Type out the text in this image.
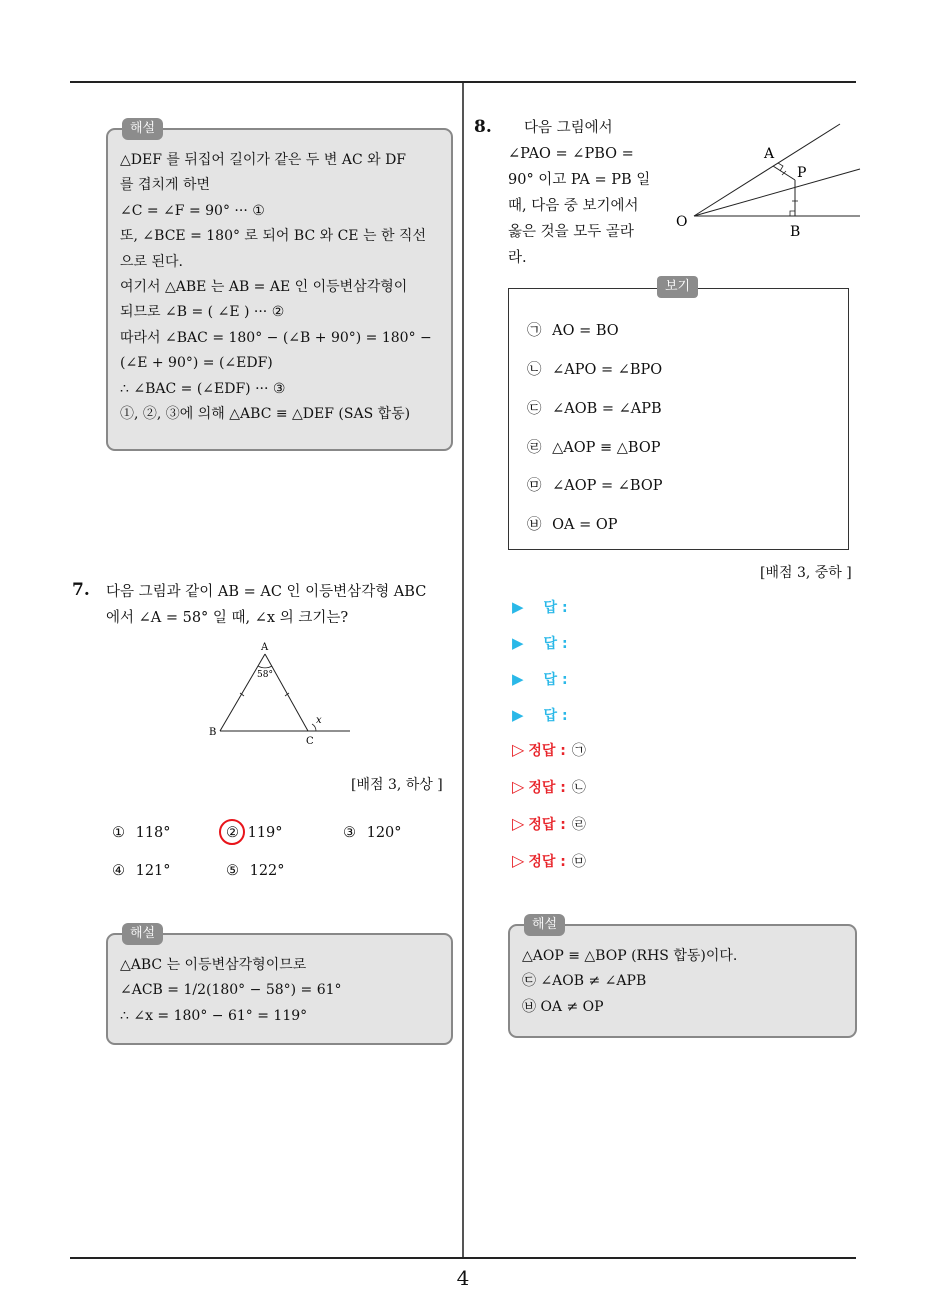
해설
△DEF 를 뒤집어 길이가 같은 두 변 AC 와 DF
를 겹치게 하면
∠C = ∠F = 90° ··· ①
또, ∠BCE = 180° 로 되어 BC 와 CE 는 한 직선
으로 된다.
여기서 △ABE 는 AB = AE 인 이등변삼각형이
되므로 ∠B = ( ∠E ) ··· ②
따라서 ∠BAC = 180° − (∠B + 90°) = 180° −
(∠E + 90°) = (∠EDF)
∴ ∠BAC = (∠EDF) ··· ③
①, ②, ③에 의해 △ABC ≡ △DEF (SAS 합동)
7. 다음 그림과 같이 AB = AC 인 이등변삼각형 ABC
에서 ∠A = 58° 일 때, ∠x 의 크기는?
A
B
C
58°
x
[배점 3, 하상 ]
① 118°	② 119°	③ 120°
④ 121°	⑤ 122°
해설
△ABC 는 이등변삼각형이므로
∠ACB = 1/2(180° − 58°) = 61°
∴ ∠x = 180° − 61° = 119°
8.	다음 그림에서
∠PAO = ∠PBO =
90° 이고 PA = PB 일
때, 다음 중 보기에서
옳은 것을 모두 골라
라.
A
P
O
B
보기
㉠ AO = BO
㉡ ∠APO = ∠BPO
㉢ ∠AOB = ∠APB
㉣ △AOP ≡ △BOP
㉤ ∠AOP = ∠BOP
㉥ OA = OP
[배점 3, 중하 ]
▶ 답 :
▶ 답 :
▶ 답 :
▶ 답 :
▷ 정답 : ㉠
▷ 정답 : ㉡
▷ 정답 : ㉣
▷ 정답 : ㉤
해설
△AOP ≡ △BOP (RHS 합동)이다.
㉢ ∠AOB ≠ ∠APB
㉥ OA ≠ OP
4
